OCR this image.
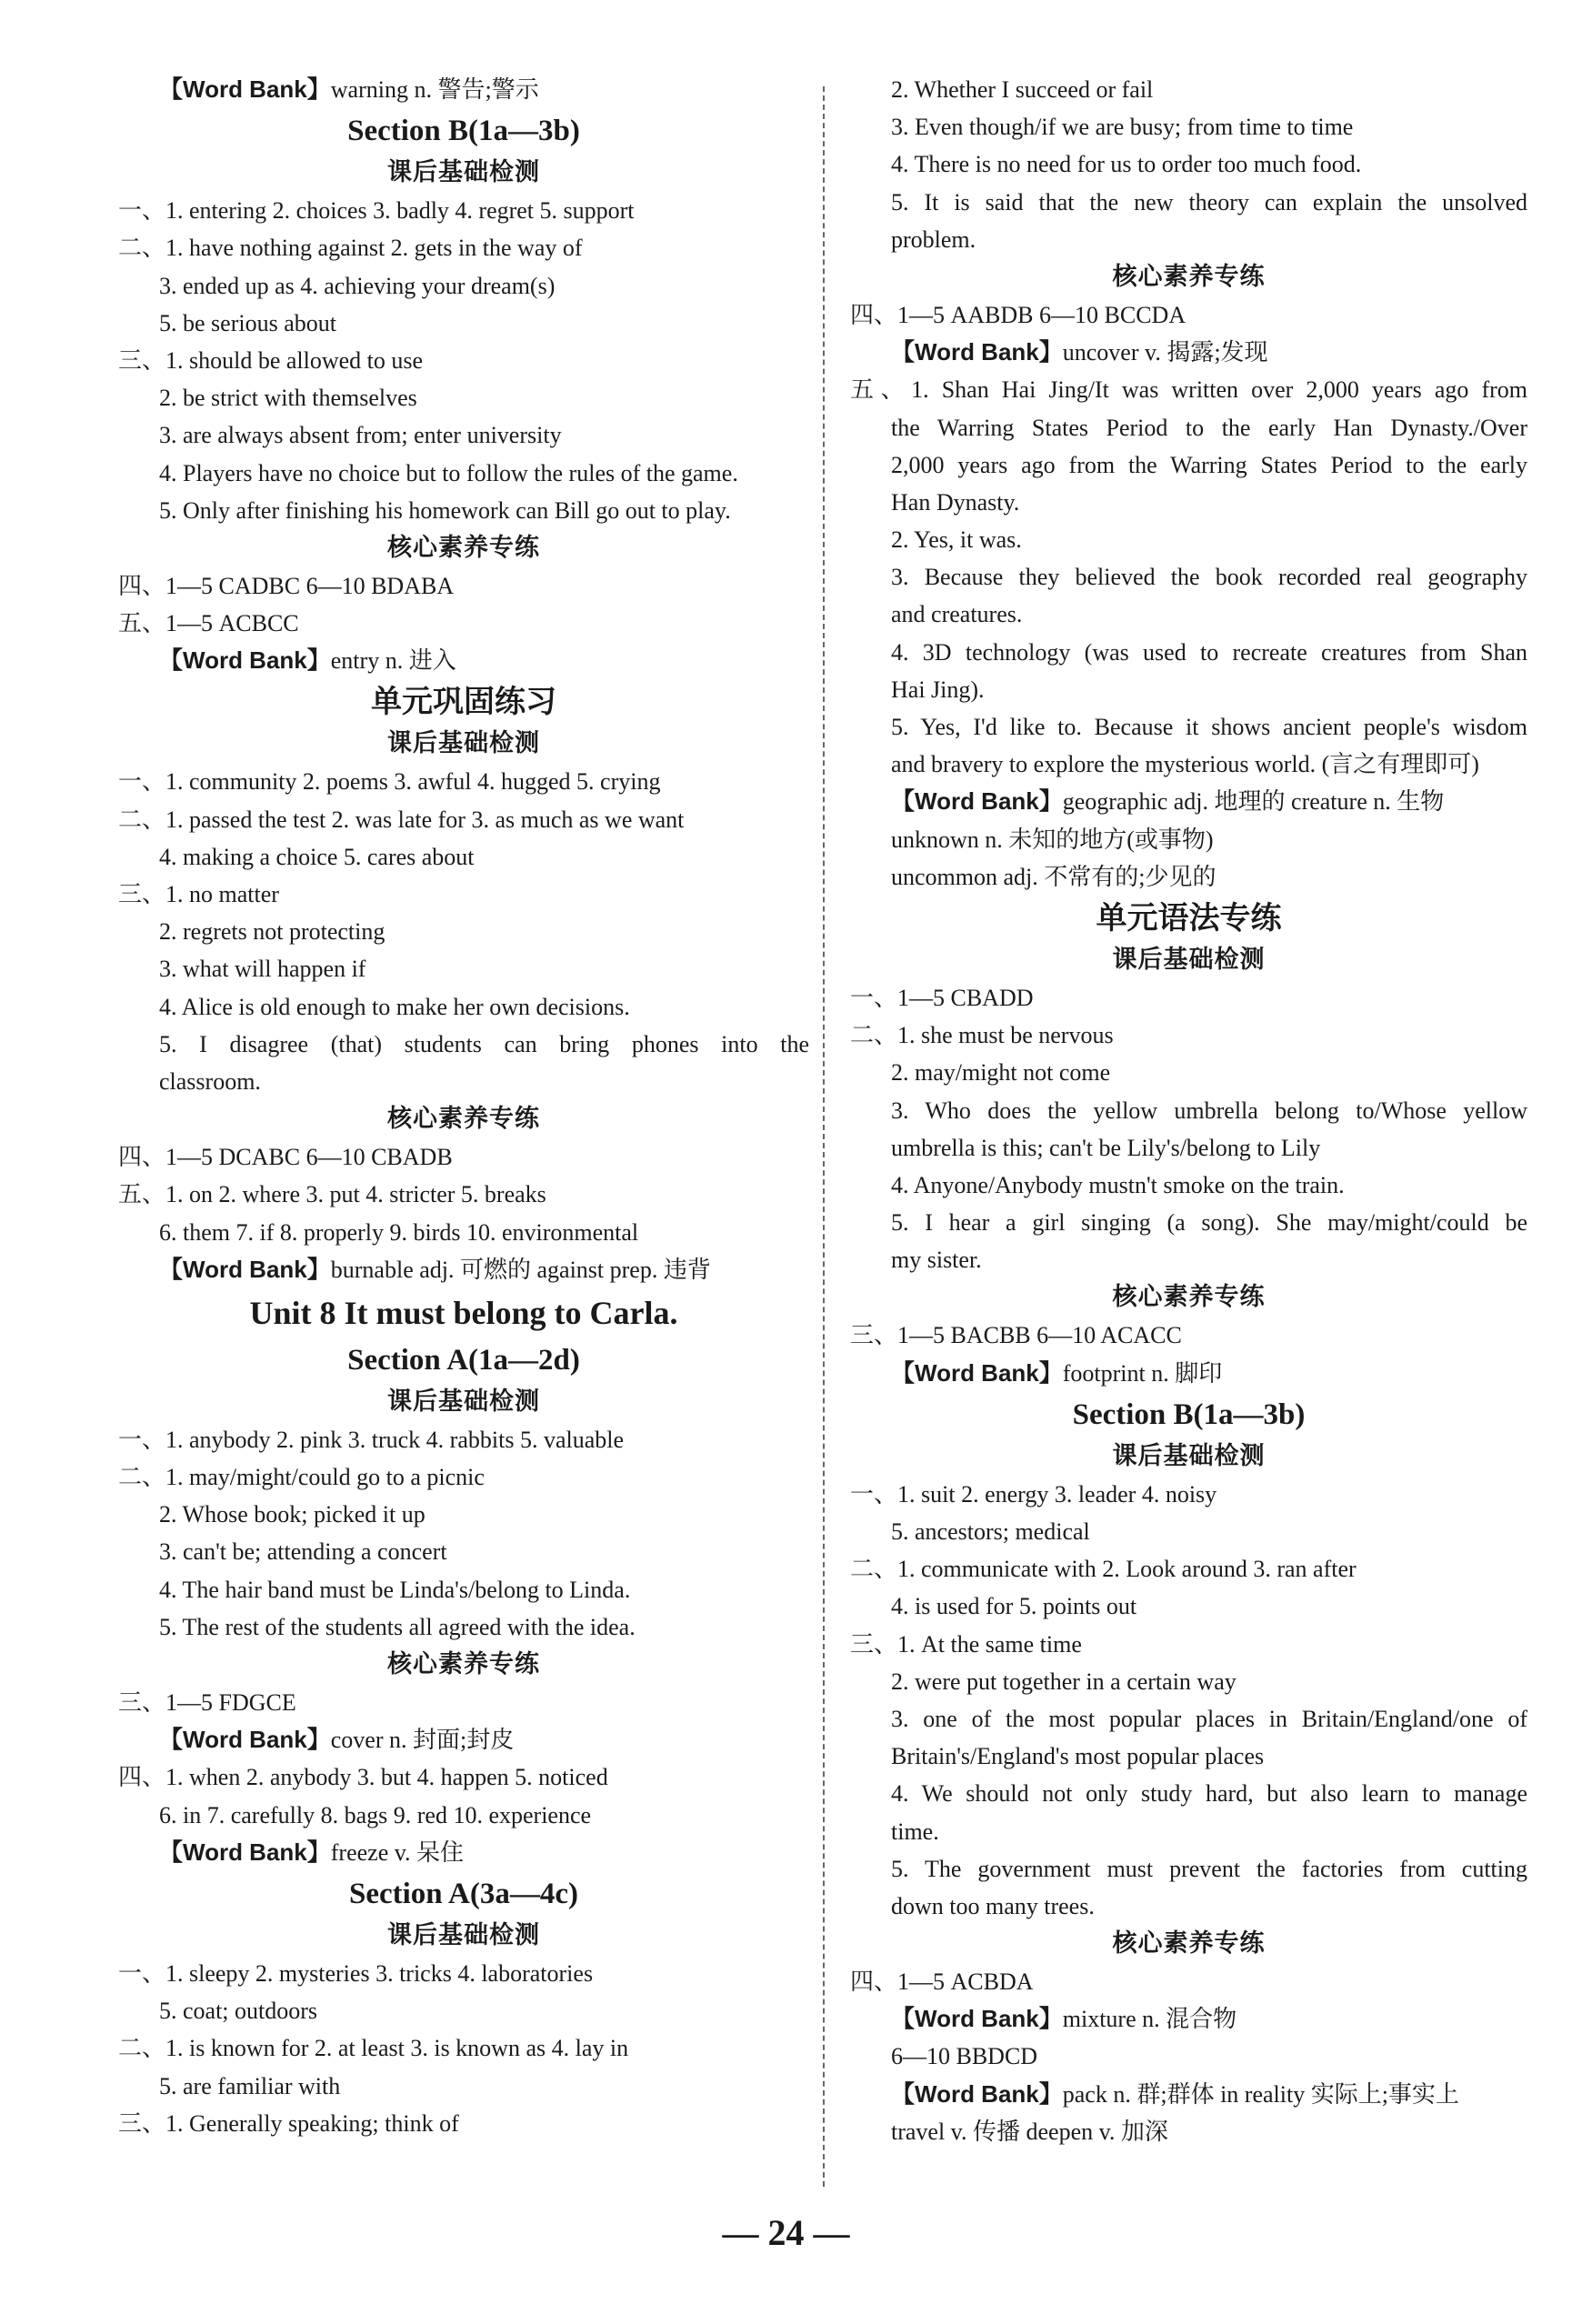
【Word Bank】warning n. 警告;警示
Section B(1a—3b)
课后基础检测
一、1. entering 2. choices 3. badly 4. regret 5. support
二、1. have nothing against 2. gets in the way of
3. ended up as 4. achieving your dream(s)
5. be serious about
三、1. should be allowed to use
2. be strict with themselves
3. are always absent from; enter university
4. Players have no choice but to follow the rules of the game.
5. Only after finishing his homework can Bill go out to play.
核心素养专练
四、1—5 CADBC 6—10 BDABA
五、1—5 ACBCC
【Word Bank】entry n. 进入
单元巩固练习
课后基础检测
一、1. community 2. poems 3. awful 4. hugged 5. crying
二、1. passed the test 2. was late for 3. as much as we want
4. making a choice 5. cares about
三、1. no matter
2. regrets not protecting
3. what will happen if
4. Alice is old enough to make her own decisions.
5. I disagree (that) students can bring phones into the
classroom.
核心素养专练
四、1—5 DCABC 6—10 CBADB
五、1. on 2. where 3. put 4. stricter 5. breaks
6. them 7. if 8. properly 9. birds 10. environmental
【Word Bank】burnable adj. 可燃的 against prep. 违背
Unit 8 It must belong to Carla.
Section A(1a—2d)
课后基础检测
一、1. anybody 2. pink 3. truck 4. rabbits 5. valuable
二、1. may/might/could go to a picnic
2. Whose book; picked it up
3. can't be; attending a concert
4. The hair band must be Linda's/belong to Linda.
5. The rest of the students all agreed with the idea.
核心素养专练
三、1—5 FDGCE
【Word Bank】cover n. 封面;封皮
四、1. when 2. anybody 3. but 4. happen 5. noticed
6. in 7. carefully 8. bags 9. red 10. experience
【Word Bank】freeze v. 呆住
Section A(3a—4c)
课后基础检测
一、1. sleepy 2. mysteries 3. tricks 4. laboratories
5. coat; outdoors
二、1. is known for 2. at least 3. is known as 4. lay in
5. are familiar with
三、1. Generally speaking; think of
2. Whether I succeed or fail
3. Even though/if we are busy; from time to time
4. There is no need for us to order too much food.
5. It is said that the new theory can explain the unsolved
problem.
核心素养专练
四、1—5 AABDB 6—10 BCCDA
【Word Bank】uncover v. 揭露;发现
五、1. Shan Hai Jing/It was written over 2,000 years ago from
the Warring States Period to the early Han Dynasty./Over
2,000 years ago from the Warring States Period to the early
Han Dynasty.
2. Yes, it was.
3. Because they believed the book recorded real geography
and creatures.
4. 3D technology (was used to recreate creatures from Shan
Hai Jing).
5. Yes, I'd like to. Because it shows ancient people's wisdom
and bravery to explore the mysterious world. (言之有理即可)
【Word Bank】geographic adj. 地理的 creature n. 生物
unknown n. 未知的地方(或事物)
uncommon adj. 不常有的;少见的
单元语法专练
课后基础检测
一、1—5 CBADD
二、1. she must be nervous
2. may/might not come
3. Who does the yellow umbrella belong to/Whose yellow
umbrella is this; can't be Lily's/belong to Lily
4. Anyone/Anybody mustn't smoke on the train.
5. I hear a girl singing (a song). She may/might/could be
my sister.
核心素养专练
三、1—5 BACBB 6—10 ACACC
【Word Bank】footprint n. 脚印
Section B(1a—3b)
课后基础检测
一、1. suit 2. energy 3. leader 4. noisy
5. ancestors; medical
二、1. communicate with 2. Look around 3. ran after
4. is used for 5. points out
三、1. At the same time
2. were put together in a certain way
3. one of the most popular places in Britain/England/one of
Britain's/England's most popular places
4. We should not only study hard, but also learn to manage
time.
5. The government must prevent the factories from cutting
down too many trees.
核心素养专练
四、1—5 ACBDA
【Word Bank】mixture n. 混合物
6—10 BBDCD
【Word Bank】pack n. 群;群体 in reality 实际上;事实上
travel v. 传播 deepen v. 加深
— 24 —
